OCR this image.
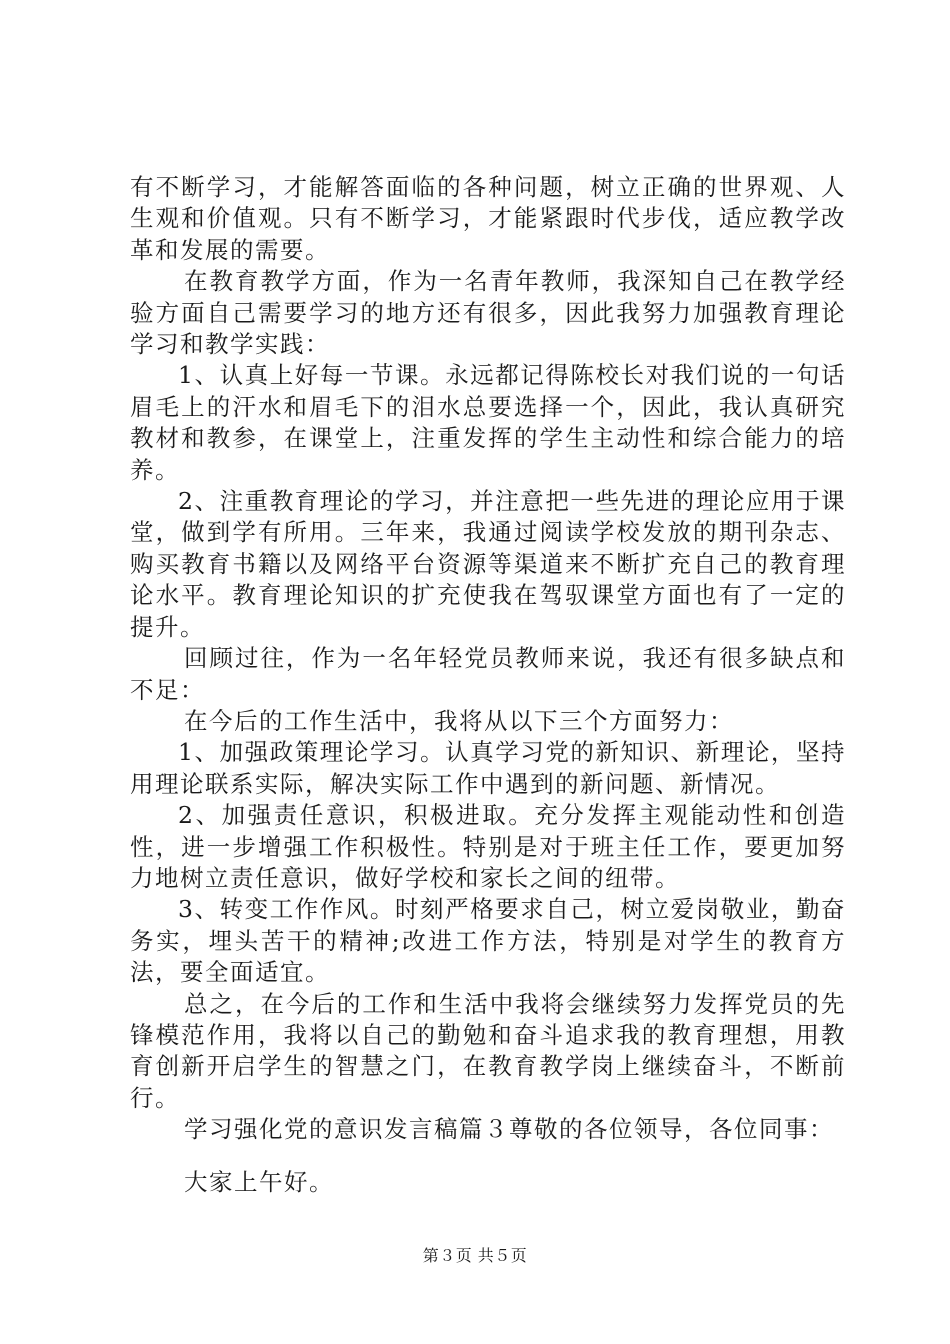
有不断学习，才能解答面临的各种问题，树立正确的世界观、人生观和价值观。只有不断学习，才能紧跟时代步伐，适应教学改革和发展的需要。

在教育教学方面，作为一名青年教师，我深知自己在教学经验方面自己需要学习的地方还有很多，因此我努力加强教育理论学习和教学实践：

1、认真上好每一节课。永远都记得陈校长对我们说的一句话眉毛上的汗水和眉毛下的泪水总要选择一个，因此，我认真研究教材和教参，在课堂上，注重发挥的学生主动性和综合能力的培养。

2、注重教育理论的学习，并注意把一些先进的理论应用于课堂，做到学有所用。三年来，我通过阅读学校发放的期刊杂志、购买教育书籍以及网络平台资源等渠道来不断扩充自己的教育理论水平。教育理论知识的扩充使我在驾驭课堂方面也有了一定的提升。

回顾过往，作为一名年轻党员教师来说，我还有很多缺点和不足：

在今后的工作生活中，我将从以下三个方面努力：

1、加强政策理论学习。认真学习党的新知识、新理论，坚持用理论联系实际，解决实际工作中遇到的新问题、新情况。

2、加强责任意识，积极进取。充分发挥主观能动性和创造性，进一步增强工作积极性。特别是对于班主任工作，要更加努力地树立责任意识，做好学校和家长之间的纽带。

3、转变工作作风。时刻严格要求自己，树立爱岗敬业，勤奋务实，埋头苦干的精神;改进工作方法，特别是对学生的教育方法，要全面适宜。

总之，在今后的工作和生活中我将会继续努力发挥党员的先锋模范作用，我将以自己的勤勉和奋斗追求我的教育理想，用教育创新开启学生的智慧之门，在教育教学岗上继续奋斗，不断前行。

学习强化党的意识发言稿篇３尊敬的各位领导，各位同事：

大家上午好。

第３页 共５页
